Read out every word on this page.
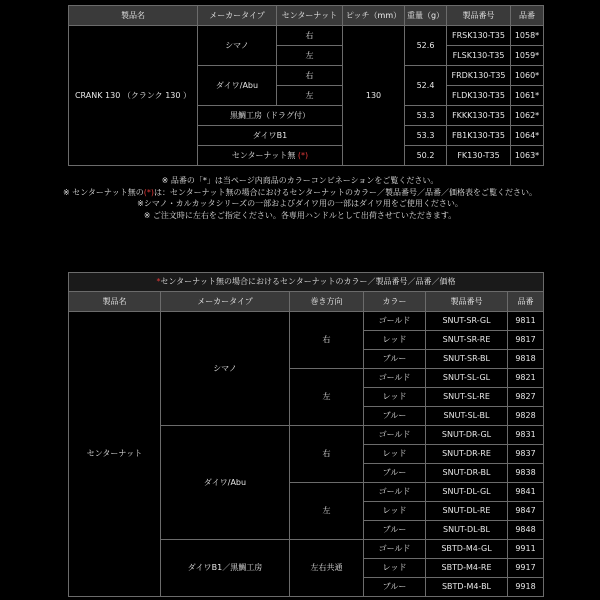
製品名	メーカータイプ	センターナット	ピッチ（mm）	重量（g）	製品番号	品番
CRANK 130 （クランク 130 ）	シマノ	右	130	52.6	FRSK130-T35	1058*
		左			FLSK130-T35	1059*
	ダイワ/Abu	右		52.4	FRDK130-T35	1060*
		左			FLDK130-T35	1061*
	黒鯛工房（ドラグ付）			53.3	FKKK130-T35	1062*
	ダイワB1			53.3	FB1K130-T35	1064*
	センターナット無 (*)			50.2	FK130-T35	1063*
※ 品番の「*」は当ページ内商品のカラーコンビネーションをご覧ください。
※ センターナット無の(*)は：センターナット無の場合におけるセンターナットのカラー／製品番号／品番／価格表をご覧ください。
※シマノ・カルカッタシリーズの一部およびダイワ用の一部はダイワ用をご使用ください。
※ ご注文時に左右をご指定ください。各専用ハンドルとして出荷させていただきます。
*センターナット無の場合におけるセンターナットのカラー／製品番号／品番／価格					
製品名	メーカータイプ	巻き方向	カラー	製品番号	品番
センターナット	シマノ	右	ゴールド	SNUT-SR-GL	9811
			レッド	SNUT-SR-RE	9817
			ブルー	SNUT-SR-BL	9818
		左	ゴールド	SNUT-SL-GL	9821
			レッド	SNUT-SL-RE	9827
			ブルー	SNUT-SL-BL	9828
	ダイワ/Abu	右	ゴールド	SNUT-DR-GL	9831
			レッド	SNUT-DR-RE	9837
			ブルー	SNUT-DR-BL	9838
		左	ゴールド	SNUT-DL-GL	9841
			レッド	SNUT-DL-RE	9847
			ブルー	SNUT-DL-BL	9848
	ダイワB1／黒鯛工房	左右共通	ゴールド	SBTD-M4-GL	9911
			レッド	SBTD-M4-RE	9917
			ブルー	SBTD-M4-BL	9918
